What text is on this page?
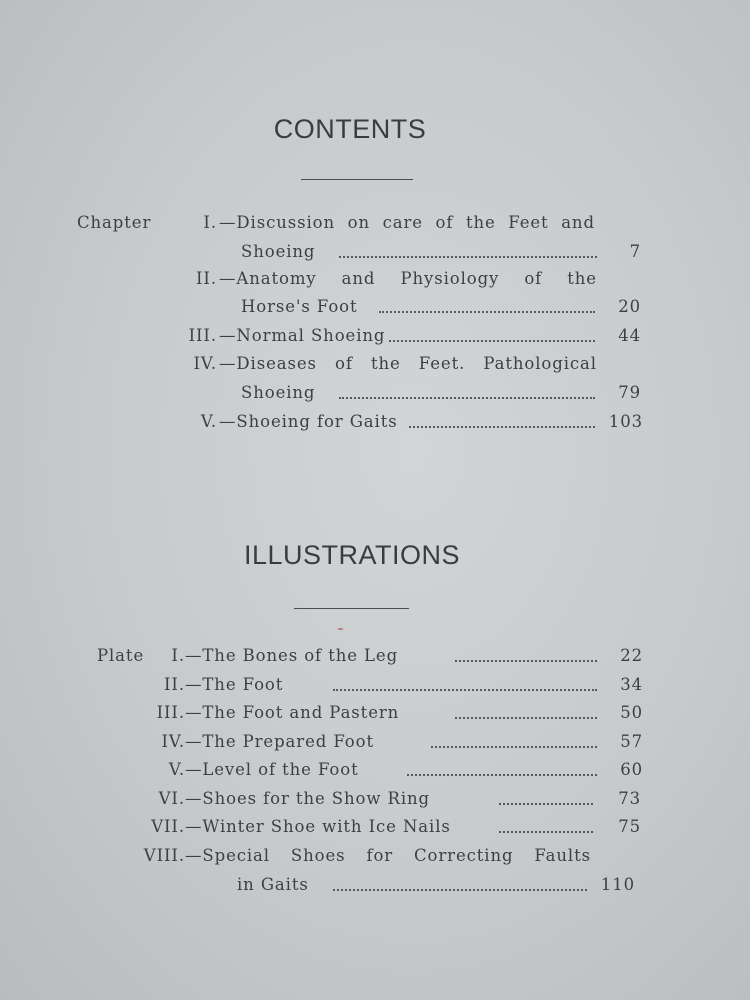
CONTENTS
Chapter	I. —Discussion on care of the Feet and
Shoeing	7
II. —Anatomy and Physiology of the
Horse's Foot	20
III. —Normal Shoeing	44
IV. —Diseases of the Feet. Pathological
Shoeing	79
V. —Shoeing for Gaits	103
ILLUSTRATIONS
Plate	I. —The Bones of the Leg	22
II. —The Foot	34
III. —The Foot and Pastern	50
IV. —The Prepared Foot	57
V. —Level of the Foot	60
VI. —Shoes for the Show Ring	73
VII. —Winter Shoe with Ice Nails	75
VIII. —Special Shoes for Correcting Faults
in Gaits	110
